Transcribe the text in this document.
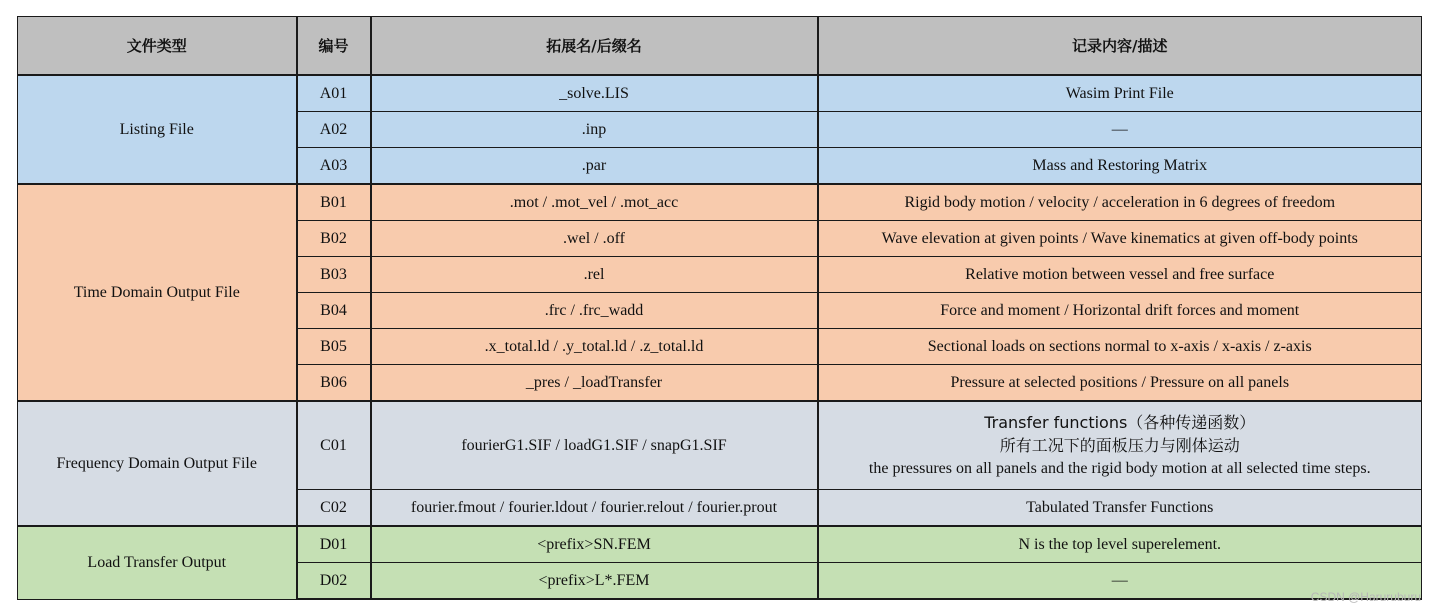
文件类型	编号	拓展名/后缀名	记录内容/描述
Listing File	A01	_solve.LIS	Wasim Print File
	A02	.inp	—
	A03	.par	Mass and Restoring Matrix
Time Domain Output File	B01	.mot / .mot_vel / .mot_acc	Rigid body motion / velocity / acceleration in 6 degrees of freedom
	B02	.wel / .off	Wave elevation at given points / Wave kinematics at given off-body points
	B03	.rel	Relative motion between vessel and free surface
	B04	.frc / .frc_wadd	Force and moment / Horizontal drift forces and moment
	B05	.x_total.ld / .y_total.ld / .z_total.ld	Sectional loads on sections normal to x-axis / x-axis / z-axis
	B06	_pres / _loadTransfer	Pressure at selected positions / Pressure on all panels
Frequency Domain Output File	C01	fourierG1.SIF / loadG1.SIF / snapG1.SIF	Transfer functions（各种传递函数）
所有工况下的面板压力与刚体运动
the pressures on all panels and the rigid body motion at all selected time steps.

	C02	fourier.fmout / fourier.ldout / fourier.relout / fourier.prout	Tabulated Transfer Functions
Load Transfer Output	D01	<prefix>SN.FEM	N is the top level superelement.
	D02	<prefix>L*.FEM	—
CSDN @Haruruburu
